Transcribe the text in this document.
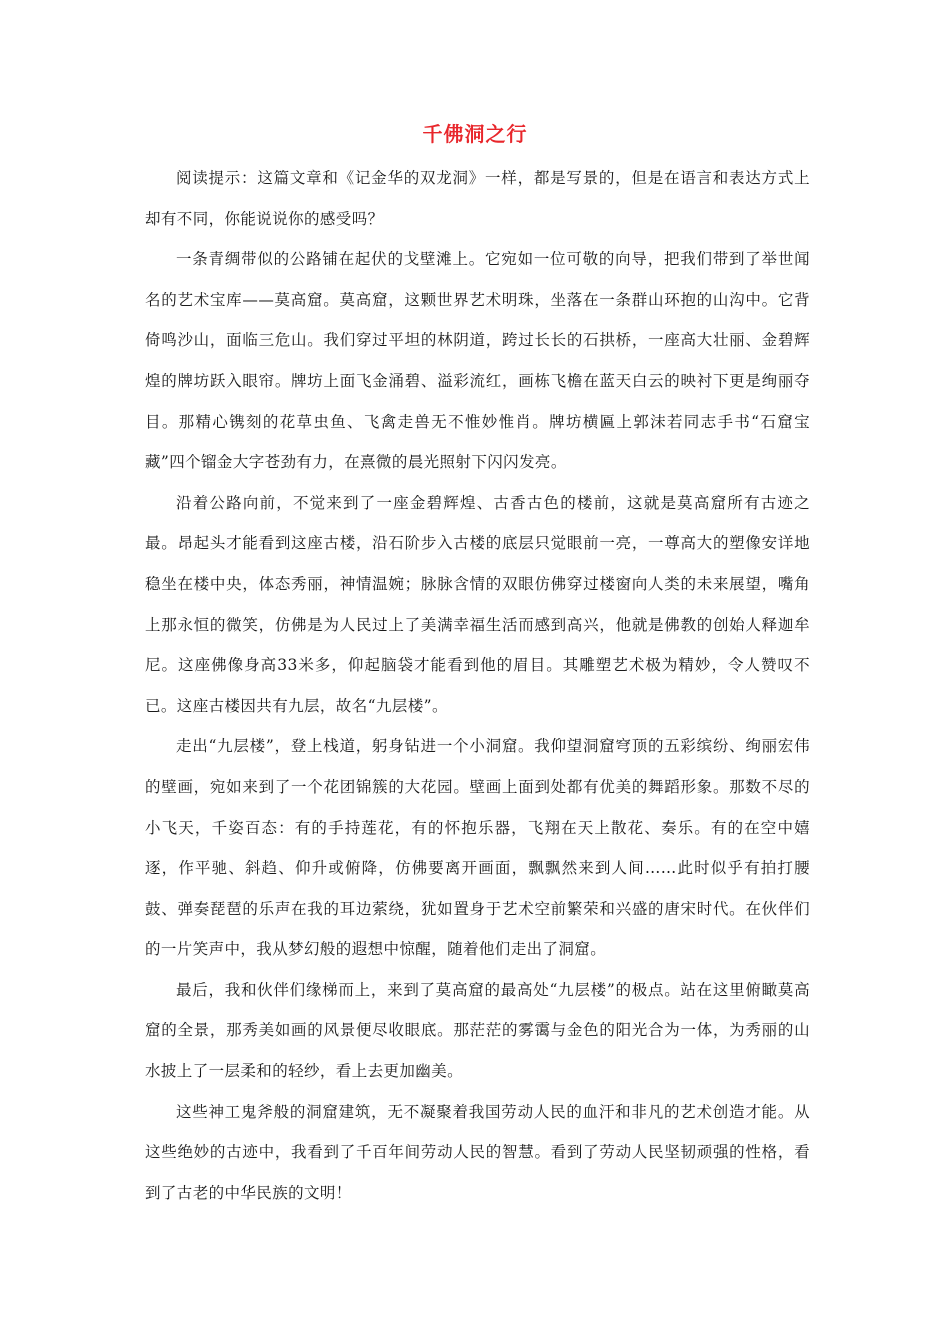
千佛洞之行

阅读提示：这篇文章和《记金华的双龙洞》一样，都是写景的，但是在语言和表达方式上却有不同，你能说说你的感受吗？

一条青绸带似的公路铺在起伏的戈壁滩上。它宛如一位可敬的向导，把我们带到了举世闻名的艺术宝库——莫高窟。莫高窟，这颗世界艺术明珠，坐落在一条群山环抱的山沟中。它背倚鸣沙山，面临三危山。我们穿过平坦的林阴道，跨过长长的石拱桥，一座高大壮丽、金碧辉煌的牌坊跃入眼帘。牌坊上面飞金涌碧、溢彩流红，画栋飞檐在蓝天白云的映衬下更是绚丽夺目。那精心镌刻的花草虫鱼、飞禽走兽无不惟妙惟肖。牌坊横匾上郭沫若同志手书“石窟宝藏”四个镏金大字苍劲有力，在熹微的晨光照射下闪闪发亮。

沿着公路向前，不觉来到了一座金碧辉煌、古香古色的楼前，这就是莫高窟所有古迹之最。昂起头才能看到这座古楼，沿石阶步入古楼的底层只觉眼前一亮，一尊高大的塑像安详地稳坐在楼中央，体态秀丽，神情温婉；脉脉含情的双眼仿佛穿过楼窗向人类的未来展望，嘴角上那永恒的微笑，仿佛是为人民过上了美满幸福生活而感到高兴，他就是佛教的创始人释迦牟尼。这座佛像身高33米多，仰起脑袋才能看到他的眉目。其雕塑艺术极为精妙，令人赞叹不已。这座古楼因共有九层，故名“九层楼”。

走出“九层楼”，登上栈道，躬身钻进一个小洞窟。我仰望洞窟穹顶的五彩缤纷、绚丽宏伟的壁画，宛如来到了一个花团锦簇的大花园。壁画上面到处都有优美的舞蹈形象。那数不尽的小飞天，千姿百态：有的手持莲花，有的怀抱乐器，飞翔在天上散花、奏乐。有的在空中嬉逐，作平驰、斜趋、仰升或俯降，仿佛要离开画面，飘飘然来到人间……此时似乎有拍打腰鼓、弹奏琵琶的乐声在我的耳边萦绕，犹如置身于艺术空前繁荣和兴盛的唐宋时代。在伙伴们的一片笑声中，我从梦幻般的遐想中惊醒，随着他们走出了洞窟。

最后，我和伙伴们缘梯而上，来到了莫高窟的最高处“九层楼”的极点。站在这里俯瞰莫高窟的全景，那秀美如画的风景便尽收眼底。那茫茫的雾霭与金色的阳光合为一体，为秀丽的山水披上了一层柔和的轻纱，看上去更加幽美。

这些神工鬼斧般的洞窟建筑，无不凝聚着我国劳动人民的血汗和非凡的艺术创造才能。从这些绝妙的古迹中，我看到了千百年间劳动人民的智慧。看到了劳动人民坚韧顽强的性格，看到了古老的中华民族的文明！
